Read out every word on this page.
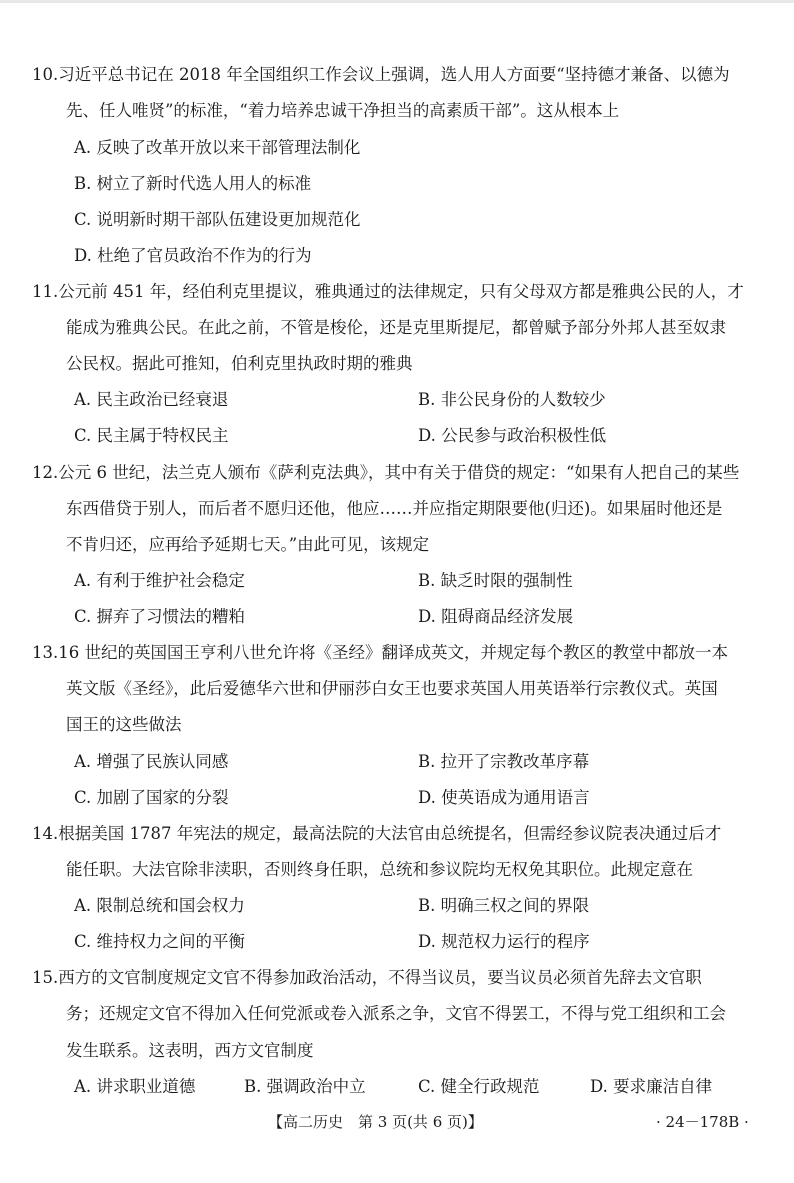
10.习近平总书记在 2018 年全国组织工作会议上强调，选人用人方面要“坚持德才兼备、以德为
先、任人唯贤”的标准，“着力培养忠诚干净担当的高素质干部”。这从根本上
A. 反映了改革开放以来干部管理法制化
B. 树立了新时代选人用人的标准
C. 说明新时期干部队伍建设更加规范化
D. 杜绝了官员政治不作为的行为
11.公元前 451 年，经伯利克里提议，雅典通过的法律规定，只有父母双方都是雅典公民的人，才
能成为雅典公民。在此之前，不管是梭伦，还是克里斯提尼，都曾赋予部分外邦人甚至奴隶
公民权。据此可推知，伯利克里执政时期的雅典
A. 民主政治已经衰退	B. 非公民身份的人数较少
C. 民主属于特权民主	D. 公民参与政治积极性低
12.公元 6 世纪，法兰克人颁布《萨利克法典》，其中有关于借贷的规定：“如果有人把自己的某些
东西借贷于别人，而后者不愿归还他，他应……并应指定期限要他(归还)。如果届时他还是
不肯归还，应再给予延期七天。”由此可见，该规定
A. 有利于维护社会稳定	B. 缺乏时限的强制性
C. 摒弃了习惯法的糟粕	D. 阻碍商品经济发展
13.16 世纪的英国国王亨利八世允许将《圣经》翻译成英文，并规定每个教区的教堂中都放一本
英文版《圣经》，此后爱德华六世和伊丽莎白女王也要求英国人用英语举行宗教仪式。英国
国王的这些做法
A. 增强了民族认同感	B. 拉开了宗教改革序幕
C. 加剧了国家的分裂	D. 使英语成为通用语言
14.根据美国 1787 年宪法的规定，最高法院的大法官由总统提名，但需经参议院表决通过后才
能任职。大法官除非渎职，否则终身任职，总统和参议院均无权免其职位。此规定意在
A. 限制总统和国会权力	B. 明确三权之间的界限
C. 维持权力之间的平衡	D. 规范权力运行的程序
15.西方的文官制度规定文官不得参加政治活动，不得当议员，要当议员必须首先辞去文官职
务；还规定文官不得加入任何党派或卷入派系之争，文官不得罢工，不得与党工组织和工会
发生联系。这表明，西方文官制度
A. 讲求职业道德	B. 强调政治中立	C. 健全行政规范	D. 要求廉洁自律
【高二历史　第 3 页(共 6 页)】	· 24－178B ·
